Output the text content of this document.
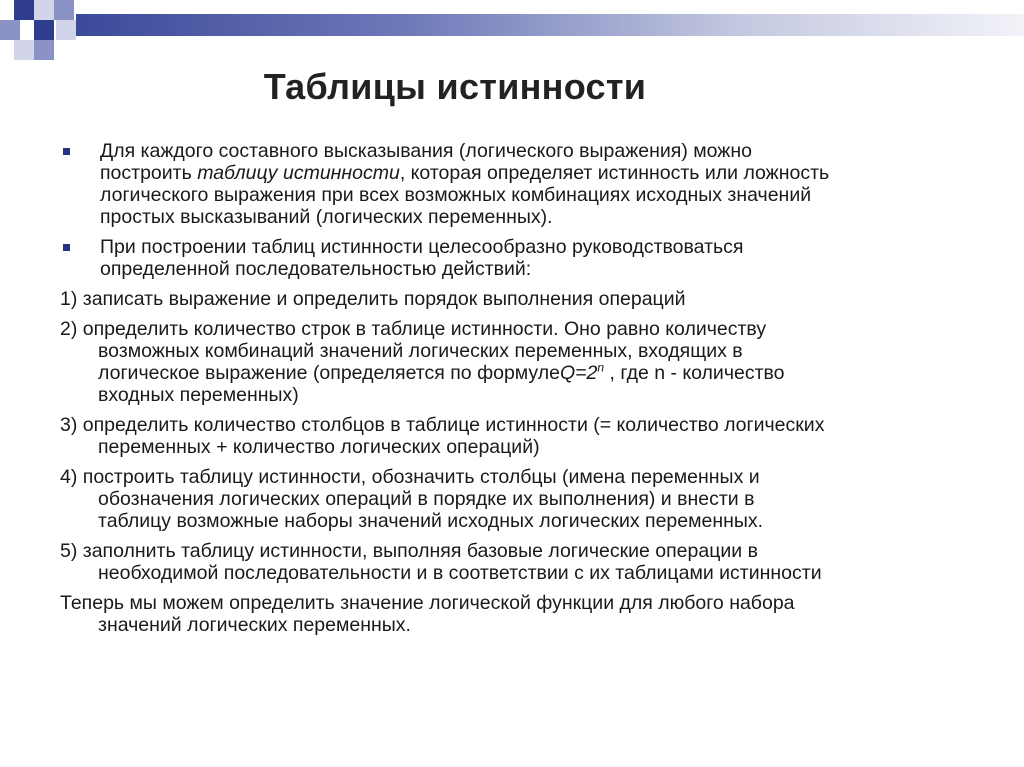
Таблицы истинности
Для каждого составного высказывания (логического выражения) можно
построить таблицу истинности, которая определяет истинность или ложность
логического выражения при всех возможных комбинациях исходных значений
простых высказываний (логических переменных).
При построении таблиц истинности целесообразно руководствоваться
определенной последовательностью действий:
1) записать выражение и определить порядок выполнения операций
2) определить количество строк в таблице истинности. Оно равно количеству
возможных комбинаций значений логических переменных, входящих в
логическое выражение (определяется по $формулеQ=2^n$ , где n - количество
входных переменных)
3) определить количество столбцов в таблице истинности (= количество логических
переменных + количество логических операций)
4) построить таблицу истинности, обозначить столбцы (имена переменных и
обозначения логических операций в порядке их выполнения) и внести в
таблицу возможные наборы значений исходных логических переменных.
5) заполнить таблицу истинности, выполняя базовые логические операции в
необходимой последовательности и в соответствии с их таблицами истинности
Теперь мы можем определить значение логической функции для любого набора
значений логических переменных.
